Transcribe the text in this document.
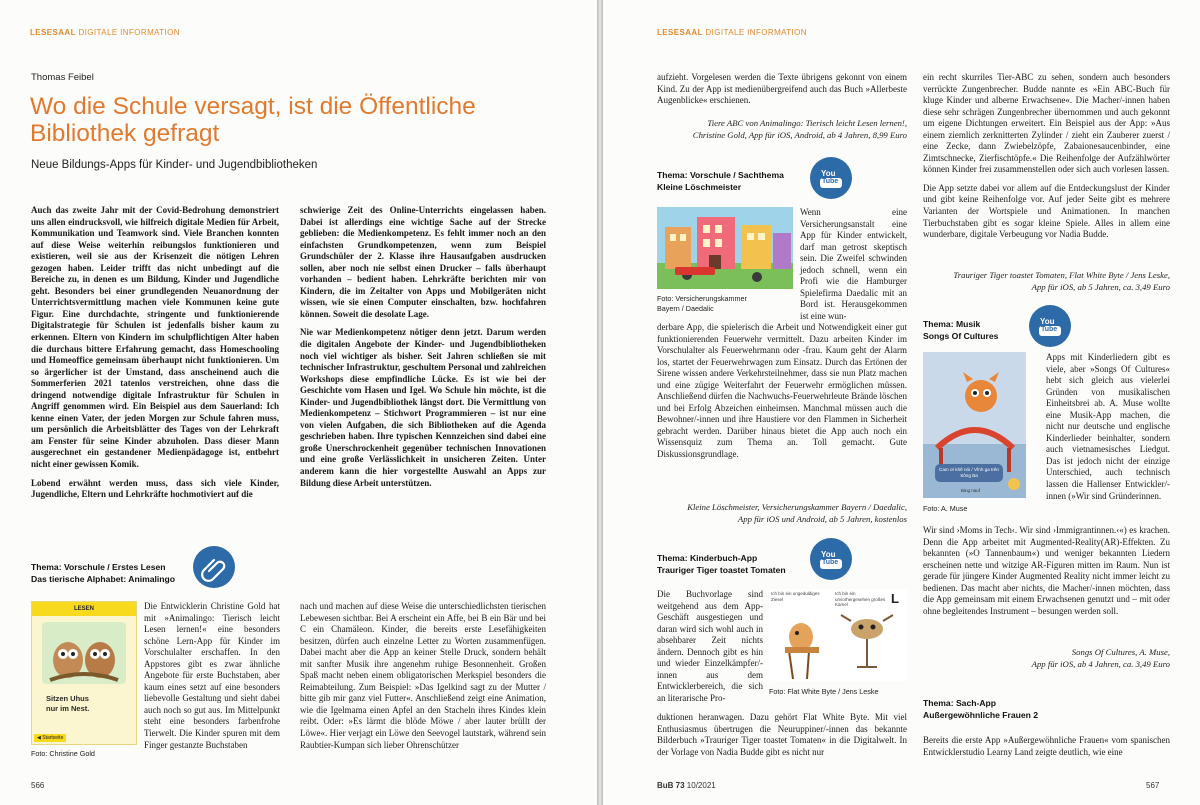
LESESAAL DIGITALE INFORMATION
Thomas Feibel
Wo die Schule versagt, ist die Öffentliche Bibliothek gefragt
Neue Bildungs-Apps für Kinder- und Jugendbibliotheken

Auch das zweite Jahr mit der Covid-Bedrohung demonstriert uns allen eindrucksvoll, wie hilfreich digitale Medien für Arbeit, Kommunikation und Teamwork sind. Viele Branchen konnten auf diese Weise weiterhin reibungslos funktionieren und existieren, weil sie aus der Krisenzeit die nötigen Lehren gezogen haben. Leider trifft das nicht unbedingt auf die Bereiche zu, in denen es um Bildung, Kinder und Jugendliche geht. Besonders bei einer grundlegenden Neuanordnung der Unterrichtsvermittlung machen viele Kommunen keine gute Figur. Eine durchdachte, stringente und funktionierende Digitalstrategie für Schulen ist jedenfalls bisher kaum zu erkennen. Eltern von Kindern im schulpflichtigen Alter haben die durchaus bittere Erfahrung gemacht, dass Homeschooling und Homeoffice gemeinsam überhaupt nicht funktionieren. Um so ärgerlicher ist der Umstand, dass anscheinend auch die Sommerferien 2021 tatenlos verstreichen, ohne dass die dringend notwendige digitale Infrastruktur für Schulen in Angriff genommen wird. Ein Beispiel aus dem Sauerland: Ich kenne einen Vater, der jeden Morgen zur Schule fahren muss, um persönlich die Arbeitsblätter des Tages von der Lehrkraft am Fenster für seine Kinder abzuholen. Dass dieser Mann ausgerechnet ein gestandener Medienpädagoge ist, entbehrt nicht einer gewissen Komik.

Lobend erwähnt werden muss, dass sich viele Kinder, Jugendliche, Eltern und Lehrkräfte hochmotiviert auf die

schwierige Zeit des Online-Unterrichts eingelassen haben. Dabei ist allerdings eine wichtige Sache auf der Strecke geblieben: die Medienkompetenz. Es fehlt immer noch an den einfachsten Grundkompetenzen, wenn zum Beispiel Grundschüler der 2. Klasse ihre Hausaufgaben ausdrucken sollen, aber noch nie selbst einen Drucker – falls überhaupt vorhanden – bedient haben. Lehrkräfte berichten mir von Kindern, die im Zeitalter von Apps und Mobilgeräten nicht wissen, wie sie einen Computer einschalten, bzw. hochfahren können. Soweit die desolate Lage.

Nie war Medienkompetenz nötiger denn jetzt. Darum werden die digitalen Angebote der Kinder- und Jugendbibliotheken noch viel wichtiger als bisher. Seit Jahren schließen sie mit technischer Infrastruktur, geschultem Personal und zahlreichen Workshops diese empfindliche Lücke. Es ist wie bei der Geschichte vom Hasen und Igel. Wo Schule hin möchte, ist die Kinder- und Jugendbibliothek längst dort. Die Vermittlung von Medienkompetenz – Stichwort Programmieren – ist nur eine von vielen Aufgaben, die sich Bibliotheken auf die Agenda geschrieben haben. Ihre typischen Kennzeichen sind dabei eine große Unerschrockenheit gegenüber technischen Innovationen und eine große Verlässlichkeit in unsicheren Zeiten. Unter anderem kann die hier vorgestellte Auswahl an Apps zur Bildung diese Arbeit unterstützen.

Thema: Vorschule / Erstes Lesen
Das tierische Alphabet: Animalingo
LESEN
Sitzen Uhus
nur im Nest.
◀ Startseite
Foto: Christine Gold
Die Entwicklerin Christine Gold hat mit »Animalingo: Tierisch leicht Lesen lernen!« eine besonders schöne Lern-App für Kinder im Vorschulalter erschaffen. In den Appstores gibt es zwar ähnliche Angebote für erste Buchstaben, aber kaum eines setzt auf eine besonders liebevolle Gestaltung und sieht dabei auch noch so gut aus. Im Mittelpunkt steht eine besonders farbenfrohe Tierwelt. Die Kinder spuren mit dem Finger gestanzte Buchstaben
nach und machen auf diese Weise die unterschiedlichsten tierischen Lebewesen sichtbar. Bei A erscheint ein Affe, bei B ein Bär und bei C ein Chamäleon. Kinder, die bereits erste Lesefähigkeiten besitzen, dürfen auch einzelne Letter zu Worten zusammenfügen. Dabei macht aber die App an keiner Stelle Druck, sondern behält mit sanfter Musik ihre angenehm ruhige Besonnenheit. Großen Spaß macht neben einem obligatorischen Merkspiel besonders die Reimabteilung. Zum Beispiel: »Das Igelkind sagt zu der Mutter / bitte gib mir ganz viel Futter«. Anschließend zeigt eine Animation, wie die Igelmama einen Apfel an den Stacheln ihres Kindes klein reibt. Oder: »Es lärmt die blöde Möwe / aber lauter brüllt der Löwe«. Hier verjagt ein Löwe den Seevogel lautstark, während sein Raubtier-Kumpan sich lieber Ohrenschützer
566
LESESAAL DIGITALE INFORMATION
aufzieht. Vorgelesen werden die Texte übrigens gekonnt von einem Kind. Zu der App ist medienübergreifend auch das Buch »Allerbeste Augenblicke« erschienen.
Tiere ABC von Animalingo: Tierisch leicht Lesen lernen!,
Christine Gold, App für iOS, Android, ab 4 Jahren, 8,99 Euro
Thema: Vorschule / Sachthema
Kleine Löschmeister
You
Tube
Foto: Versicherungskammer
Bayern / Daedalic
Wenn eine Versicherungsanstalt eine App für Kinder entwickelt, darf man getrost skeptisch sein. Die Zweifel schwinden jedoch schnell, wenn ein Profi wie die Hamburger Spielefirma Daedalic mit an Bord ist. Herausgekommen ist eine wun-
derbare App, die spielerisch die Arbeit und Notwendigkeit einer gut funktionierenden Feuerwehr vermittelt. Dazu arbeiten Kinder im Vorschulalter als Feuerwehrmann oder -frau. Kaum geht der Alarm los, startet der Feuerwehrwagen zum Einsatz. Durch das Ertönen der Sirene wissen andere Verkehrsteilnehmer, dass sie nun Platz machen und eine zügige Weiterfahrt der Feuerwehr ermöglichen müssen. Anschließend dürfen die Nachwuchs-Feuerwehrleute Brände löschen und bei Erfolg Abzeichen einheimsen. Manchmal müssen auch die Bewohner/-innen und ihre Haustiere vor den Flammen in Sicherheit gebracht werden. Darüber hinaus bietet die App auch noch ein Wissensquiz zum Thema an. Toll gemacht. Gute Diskussionsgrundlage.
Kleine Löschmeister, Versicherungskammer Bayern / Daedalic,
App für iOS und Android, ab 5 Jahren, kostenlos
Thema: Kinderbuch-App
Trauriger Tiger toastet Tomaten
You
Tube
Die Buchvorlage sind weitgehend aus dem App-Geschäft ausgestiegen und daran wird sich wohl auch in absehbarer Zeit nichts ändern. Dennoch gibt es hin und wieder Einzelkämpfer/-innen aus dem Entwicklerbereich, die sich an literarische Pro-
Ich bin ein ungeduldiges Ziesel
Ich bin ein unvorhergesehen großes Kamel	L
Foto: Flat White Byte / Jens Leske
duktionen heranwagen. Dazu gehört Flat White Byte. Mit viel Enthusiasmus übertrugen die Neuruppiner/-innen das bekannte Bilderbuch »Trauriger Tiger toastet Tomaten« in die Digitalwelt. In der Vorlage von Nadia Budde gibt es nicht nur

ein recht skurriles Tier-ABC zu sehen, sondern auch besonders verrückte Zungenbrecher. Budde nannte es »Ein ABC-Buch für kluge Kinder und alberne Erwachsene«. Die Macher/-innen haben diese sehr schrägen Zungenbrecher übernommen und auch gekonnt um eigene Dichtungen erweitert. Ein Beispiel aus der App: »Aus einem ziemlich zerknitterten Zylinder / zieht ein Zauberer zuerst / eine Zecke, dann Zwiebelzöpfe, Zabaionesaucenbinder, eine Zimtschnecke, Zierfischtöpfe.« Die Reihenfolge der Aufzählwörter können Kinder frei zusammenstellen oder sich auch vorlesen lassen.

Die App setzte dabei vor allem auf die Entdeckungslust der Kinder und gibt keine Reihenfolge vor. Auf jeder Seite gibt es mehrere Varianten der Wortspiele und Animationen. In manchen Tierbuchstaben gibt es sogar kleine Spiele. Alles in allem eine wunderbare, digitale Verbeugung vor Nadia Budde.

Trauriger Tiger toastet Tomaten, Flat White Byte / Jens Leske,
App für iOS, ab 5 Jahren, ca. 3,49 Euro
Thema: Musik
Songs Of Cultures
You
Tube
Cam ơi khẽ nói / Vĩnh ga trên Sông Ba
Bing nauf
Foto: A. Muse
Apps mit Kinderliedern gibt es viele, aber »Songs Of Cultures« hebt sich gleich aus vielerlei Gründen von musikalischen Einheitsbrei ab. A. Muse wollte eine Musik-App machen, die nicht nur deutsche und englische Kinderlieder beinhalter, sondern auch vietnamesisches Liedgut. Das ist jedoch nicht der einzige Unterschied, auch technisch lassen die Hallenser Entwickler/-innen (»Wir sind Gründerinnen.
Wir sind ›Moms in Tech‹. Wir sind ›Immigrantinnen.‹«) es krachen. Denn die App arbeitet mit Augmented-Reality(AR)-Effekten. Zu bekannten (»O Tannenbaum«) und weniger bekannten Liedern erscheinen nette und witzige AR-Figuren mitten im Raum. Nun ist gerade für jüngere Kinder Augmented Reality nicht immer leicht zu bedienen. Das macht aber nichts, die Macher/-innen möchten, dass die App gemeinsam mit einem Erwachsenen genutzt und – mit oder ohne begleitendes Instrument – besungen werden soll.
Songs Of Cultures, A. Muse,
App für iOS, ab 4 Jahren, ca. 3,49 Euro
Thema: Sach-App
Außergewöhnliche Frauen 2
Bereits die erste App »Außergewöhnliche Frauen« vom spanischen Entwicklerstudio Learny Land zeigte deutlich, wie eine
BuB 73 10/2021	567
